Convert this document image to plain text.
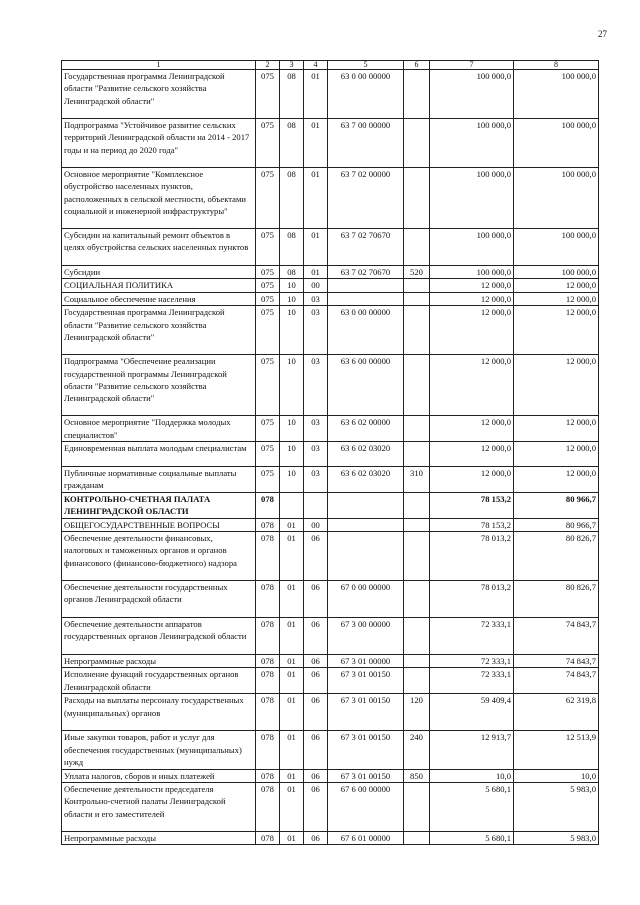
27
1	2	3	4	5	6	7	8
Государственная программа Ленинградской области "Развитие сельского хозяйства Ленинградской области"	075	08	01	63 0 00 00000		100 000,0	100 000,0
Подпрограмма "Устойчивое развитие сельских территорий Ленинградской области на 2014 - 2017 годы и на период до 2020 года"	075	08	01	63 7 00 00000		100 000,0	100 000,0
Основное мероприятие "Комплексное обустройство населенных пунктов, расположенных в сельской местности, объектами социальной и инженерной инфраструктуры"	075	08	01	63 7 02 00000		100 000,0	100 000,0
Субсидии на капитальный ремонт объектов в целях обустройства сельских населенных пунктов	075	08	01	63 7 02 70670		100 000,0	100 000,0
Субсидии	075	08	01	63 7 02 70670	520	100 000,0	100 000,0
СОЦИАЛЬНАЯ ПОЛИТИКА	075	10	00			12 000,0	12 000,0
Социальное обеспечение населения	075	10	03			12 000,0	12 000,0
Государственная программа Ленинградской области "Развитие сельского хозяйства Ленинградской области"	075	10	03	63 0 00 00000		12 000,0	12 000,0
Подпрограмма "Обеспечение реализации государственной программы Ленинградской области "Развитие сельского хозяйства Ленинградской области"	075	10	03	63 6 00 00000		12 000,0	12 000,0
Основное мероприятие "Поддержка молодых специалистов"	075	10	03	63 6 02 00000		12 000,0	12 000,0
Единовременная выплата молодым специалистам	075	10	03	63 6 02 03020		12 000,0	12 000,0
Публичные нормативные социальные выплаты гражданам	075	10	03	63 6 02 03020	310	12 000,0	12 000,0
КОНТРОЛЬНО-СЧЕТНАЯ ПАЛАТА ЛЕНИНГРАДСКОЙ ОБЛАСТИ	078					78 153,2	80 966,7
ОБЩЕГОСУДАРСТВЕННЫЕ ВОПРОСЫ	078	01	00			78 153,2	80 966,7
Обеспечение деятельности финансовых, налоговых и таможенных органов и органов финансового (финансово-бюджетного) надзора	078	01	06			78 013,2	80 826,7
Обеспечение деятельности государственных органов Ленинградской области	078	01	06	67 0 00 00000		78 013,2	80 826,7
Обеспечение деятельности аппаратов государственных органов Ленинградской области	078	01	06	67 3 00 00000		72 333,1	74 843,7
Непрограммные расходы	078	01	06	67 3 01 00000		72 333,1	74 843,7
Исполнение функций государственных органов Ленинградской области	078	01	06	67 3 01 00150		72 333,1	74 843,7
Расходы на выплаты персоналу государственных (муниципальных) органов	078	01	06	67 3 01 00150	120	59 409,4	62 319,8
Иные закупки товаров, работ и услуг для обеспечения государственных (муниципальных) нужд	078	01	06	67 3 01 00150	240	12 913,7	12 513,9
Уплата налогов, сборов и иных платежей	078	01	06	67 3 01 00150	850	10,0	10,0
Обеспечение деятельности председателя Контрольно-счетной палаты Ленинградской области и его заместителей	078	01	06	67 6 00 00000		5 680,1	5 983,0
Непрограммные расходы	078	01	06	67 6 01 00000		5 680,1	5 983,0
